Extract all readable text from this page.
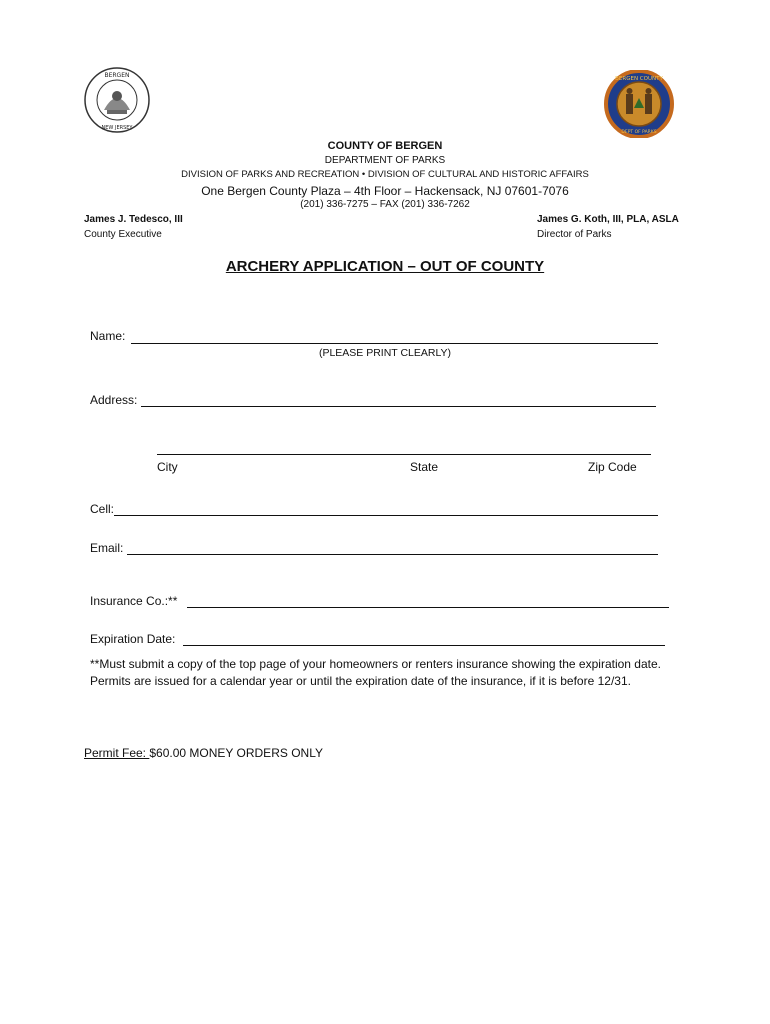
BERGEN
NEW JERSEY
BERGEN COUNTY
DEPT OF PARKS
COUNTY OF BERGEN
DEPARTMENT OF PARKS
DIVISION OF PARKS AND RECREATION • DIVISION OF CULTURAL AND HISTORIC AFFAIRS
One Bergen County Plaza – 4th Floor – Hackensack, NJ 07601-7076
(201) 336-7275 – FAX (201) 336-7262
James J. Tedesco, III
County Executive
James G. Koth, III, PLA, ASLA
Director of Parks
ARCHERY APPLICATION – OUT OF COUNTY
Name:
(PLEASE PRINT CLEARLY)
Address:
City	State	Zip Code
Cell:
Email:
Insurance Co.:**
Expiration Date:
**Must submit a copy of the top page of your homeowners or renters insurance showing the expiration date. Permits are issued for a calendar year or until the expiration date of the insurance, if it is before 12/31.
Permit Fee: $60.00 MONEY ORDERS ONLY
